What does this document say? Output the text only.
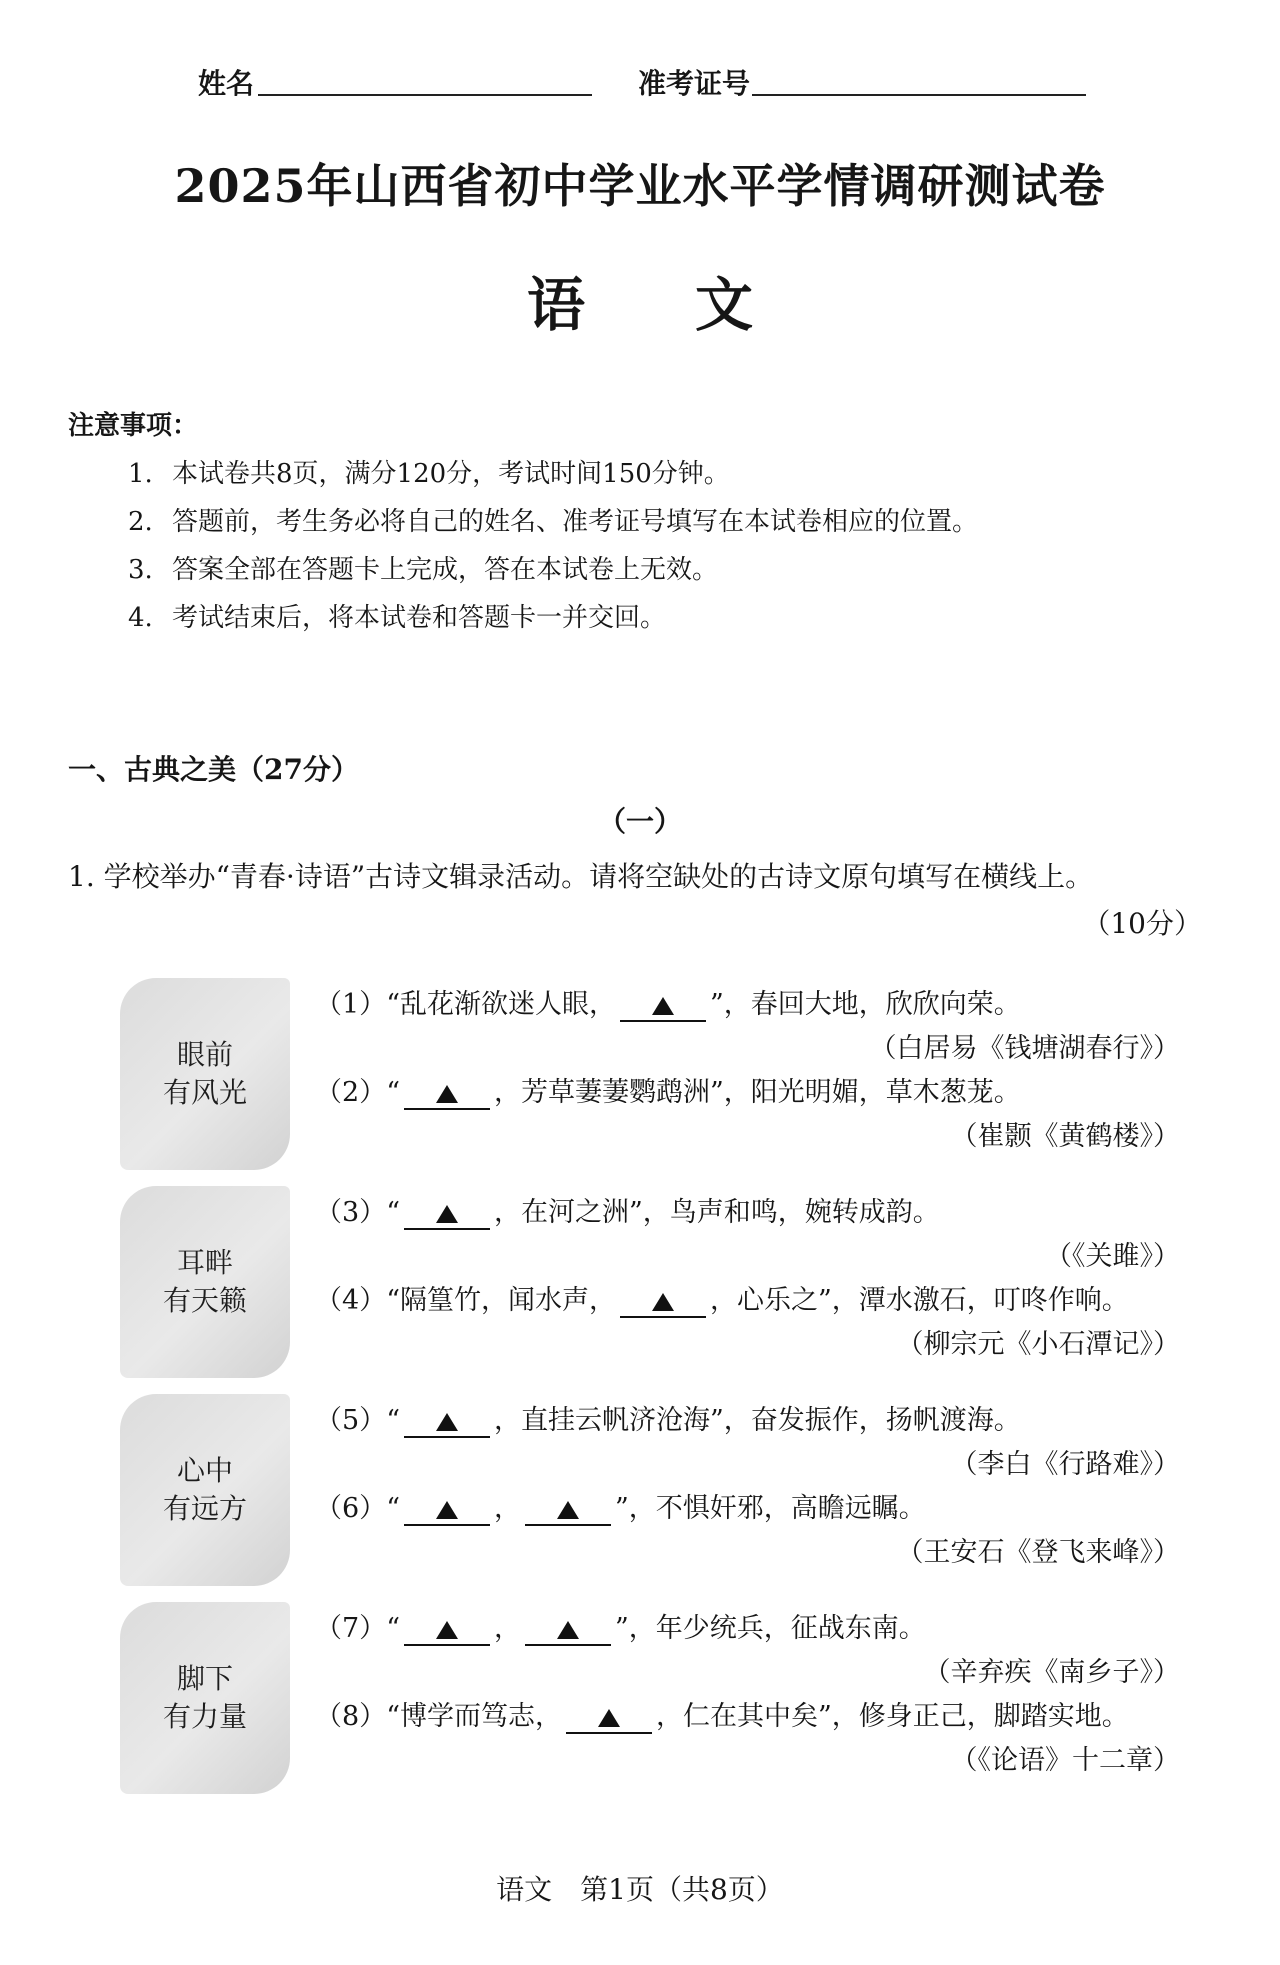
姓名	准考证号
2025年山西省初中学业水平学情调研测试卷
语文
注意事项：
1. 本试卷共8页，满分120分，考试时间150分钟。
2. 答题前，考生务必将自己的姓名、准考证号填写在本试卷相应的位置。
3. 答案全部在答题卡上完成，答在本试卷上无效。
4. 考试结束后，将本试卷和答题卡一并交回。
一、古典之美（27分）
（一）
1. 学校举办“青春·诗语”古诗文辑录活动。请将空缺处的古诗文原句填写在横线上。
（10分）
眼前
有风光
（1）“乱花渐欲迷人眼，	”，春回大地，欣欣向荣。
（白居易《钱塘湖春行》）
（2）“	，芳草萋萋鹦鹉洲”，阳光明媚，草木葱茏。
（崔颢《黄鹤楼》）
耳畔
有天籁
（3）“	，在河之洲”，鸟声和鸣，婉转成韵。
（《关雎》）
（4）“隔篁竹，闻水声，	，心乐之”，潭水激石，叮咚作响。
（柳宗元《小石潭记》）
心中
有远方
（5）“	，直挂云帆济沧海”，奋发振作，扬帆渡海。
（李白《行路难》）
（6）“	，	”，不惧奸邪，高瞻远瞩。
（王安石《登飞来峰》）
脚下
有力量
（7）“	，	”，年少统兵，征战东南。
（辛弃疾《南乡子》）
（8）“博学而笃志，	，仁在其中矣”，修身正己，脚踏实地。
（《论语》十二章）
语文　第1页（共8页）
